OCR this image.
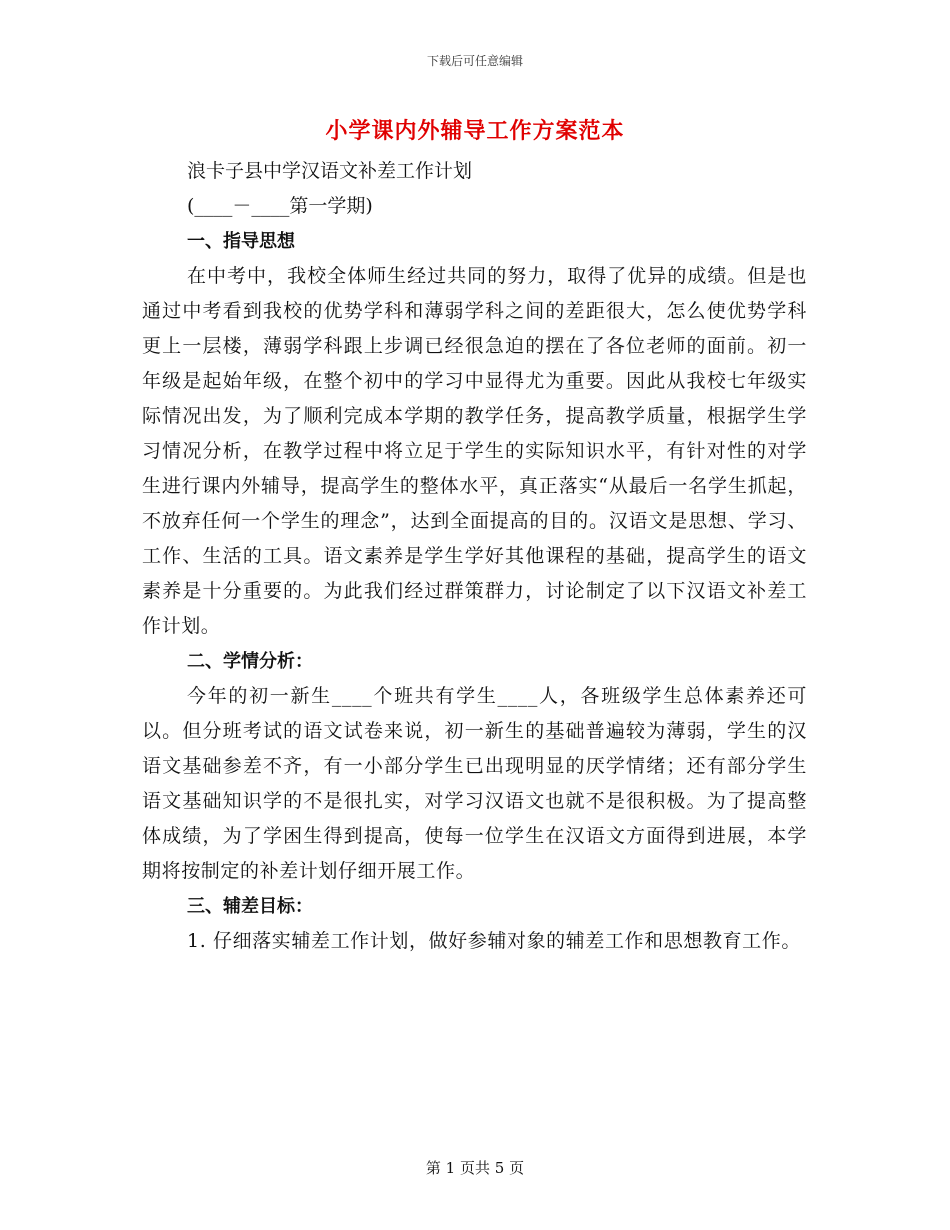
下载后可任意编辑
小学课内外辅导工作方案范本
浪卡子县中学汉语文补差工作计划
(____－____第一学期)
一、指导思想
在中考中，我校全体师生经过共同的努力，取得了优异的成绩。但是也通过中考看到我校的优势学科和薄弱学科之间的差距很大，怎么使优势学科更上一层楼，薄弱学科跟上步调已经很急迫的摆在了各位老师的面前。初一年级是起始年级，在整个初中的学习中显得尤为重要。因此从我校七年级实际情况出发，为了顺利完成本学期的教学任务，提高教学质量，根据学生学习情况分析，在教学过程中将立足于学生的实际知识水平，有针对性的对学生进行课内外辅导，提高学生的整体水平，真正落实“从最后一名学生抓起，不放弃任何一个学生的理念”，达到全面提高的目的。汉语文是思想、学习、工作、生活的工具。语文素养是学生学好其他课程的基础，提高学生的语文素养是十分重要的。为此我们经过群策群力，讨论制定了以下汉语文补差工作计划。
二、学情分析：
今年的初一新生____个班共有学生____人，各班级学生总体素养还可以。但分班考试的语文试卷来说，初一新生的基础普遍较为薄弱，学生的汉语文基础参差不齐，有一小部分学生已出现明显的厌学情绪；还有部分学生语文基础知识学的不是很扎实，对学习汉语文也就不是很积极。为了提高整体成绩，为了学困生得到提高，使每一位学生在汉语文方面得到进展，本学期将按制定的补差计划仔细开展工作。
三、辅差目标：
1. 仔细落实辅差工作计划，做好参辅对象的辅差工作和思想教育工作。
第 1 页共 5 页
